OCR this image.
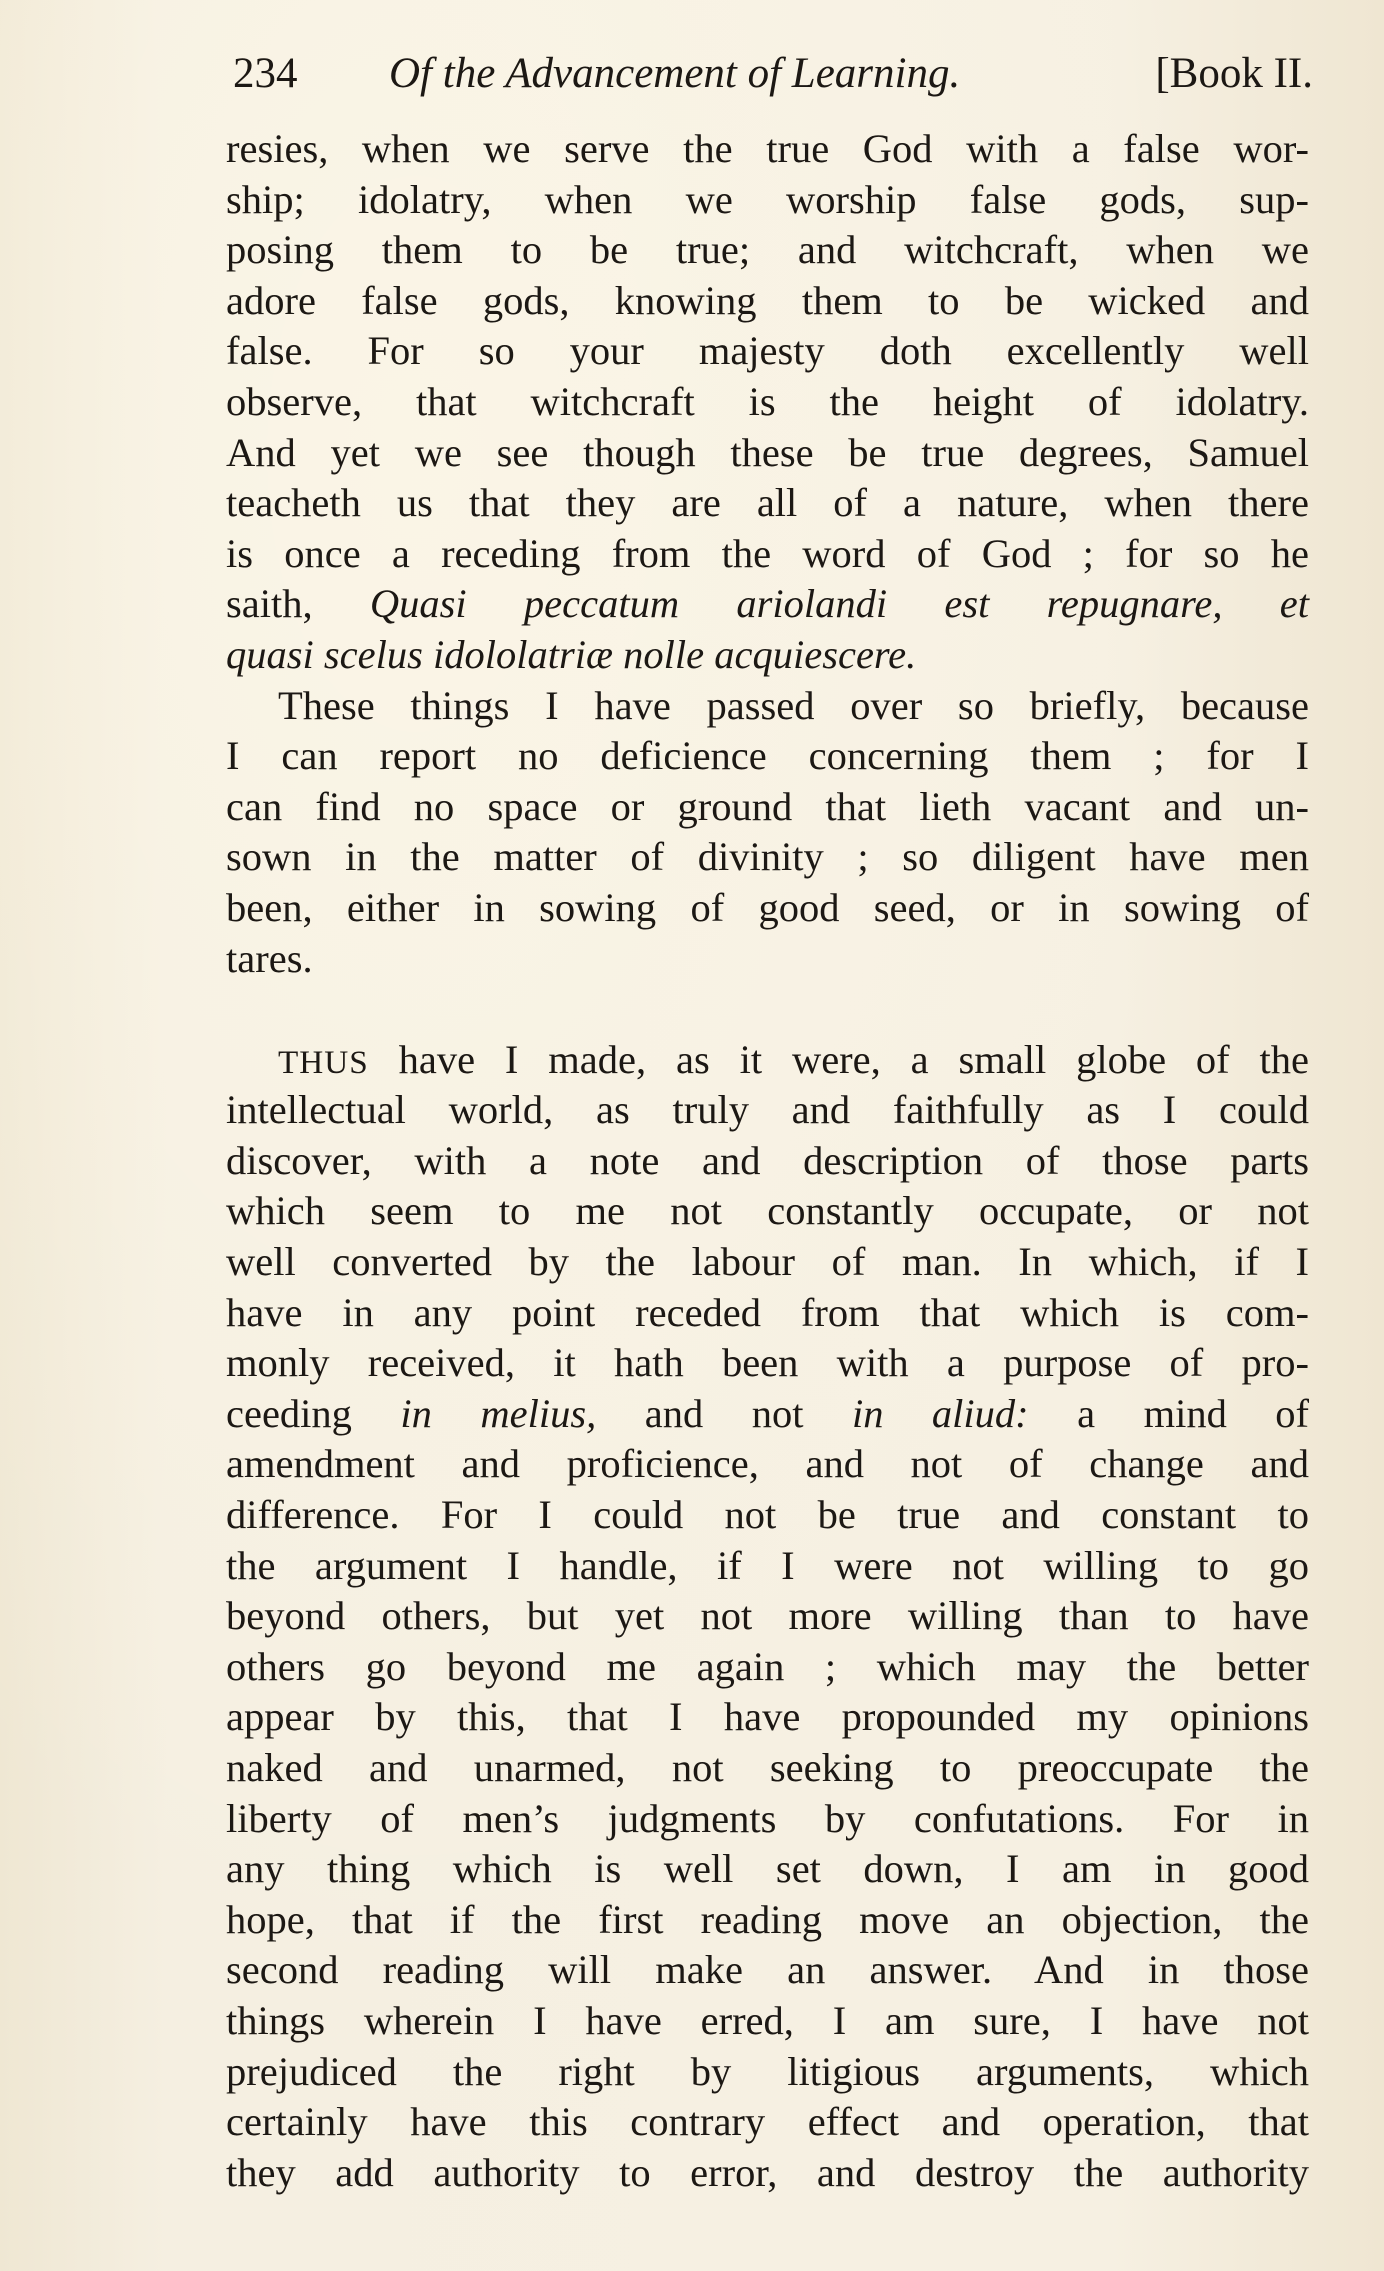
234 Of the Advancement of Learning.	[Book II.
resies, when we serve the true God with a false wor-
ship; idolatry, when we worship false gods, sup-
posing them to be true; and witchcraft, when we
adore false gods, knowing them to be wicked and
false. For so your majesty doth excellently well
observe, that witchcraft is the height of idolatry.
And yet we see though these be true degrees, Samuel
teacheth us that they are all of a nature, when there
is once a receding from the word of God ; for so he
saith, Quasi peccatum ariolandi est repugnare, et
quasi scelus idololatriæ nolle acquiescere.
These things I have passed over so briefly, because
I can report no deficience concerning them ; for I
can find no space or ground that lieth vacant and un-
sown in the matter of divinity ; so diligent have men
been, either in sowing of good seed, or in sowing of
tares.
THUS have I made, as it were, a small globe of the
intellectual world, as truly and faithfully as I could
discover, with a note and description of those parts
which seem to me not constantly occupate, or not
well converted by the labour of man. In which, if I
have in any point receded from that which is com-
monly received, it hath been with a purpose of pro-
ceeding in melius, and not in aliud: a mind of
amendment and proficience, and not of change and
difference. For I could not be true and constant to
the argument I handle, if I were not willing to go
beyond others, but yet not more willing than to have
others go beyond me again ; which may the better
appear by this, that I have propounded my opinions
naked and unarmed, not seeking to preoccupate the
liberty of men’s judgments by confutations. For in
any thing which is well set down, I am in good
hope, that if the first reading move an objection, the
second reading will make an answer. And in those
things wherein I have erred, I am sure, I have not
prejudiced the right by litigious arguments, which
certainly have this contrary effect and operation, that
they add authority to error, and destroy the authority
